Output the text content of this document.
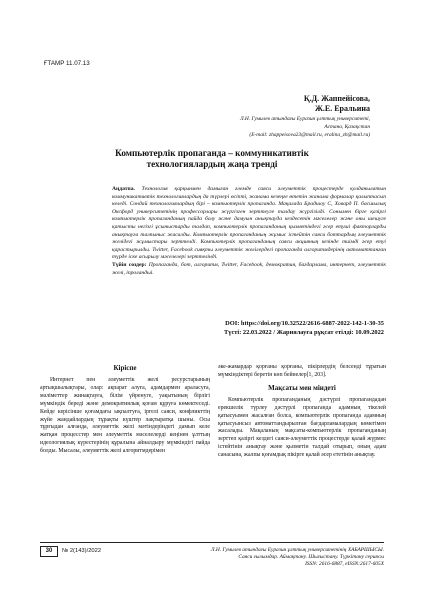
ҒТАМР 11.07.13
Қ.Д. Жаппейісова,
Ж.Е. Еральина
Л.Н. Гумилев атындағы Еуразия ұлттық университеті,
Астана, Қазақстан
(E-mail: zhappeisova23@mail.ru, eralina_zh@mail.ru)
Компьютерлік пропаганда – коммуникативтік
технологиялардың жаңа тренді
Аңдатпа. Технология қарқынмен дамыған әлемде саяси әлеуметтік процестерде қолданылатын коммуникативтік технологиялардың да түрлері өсіпті, жанама кезеңғе өтетін жанама формалар қалыптасып келеді. Сондай технологиялардың бірі – компьютерлік пропаганда. Мақалада Брадшоу С, Ховард П. басшылық Оксфорд университетінің профессорлары жүргізген зерттеуге талдау жүргізілді. Сонымен бірге қазіргі компьютерлік пропаганданың пайда болу және дамуын анықтауда кездесетін мәселелер және оны шешуге қатысты негізгі ұсыныстарды талдап, компьютерлік пропаганданың қызметіндегі әсер етуші факторларды анықтауға талпыныс жасалды. Компьютерлік пропаганданың жұмыс істейтін саяси боттардың әлеуметтік желідегі жұмыстары зерттелді. Компьютерлік пропаганданың саяси акцияның кезінде тиімді әсер етуі қарастырылды. Twitter, Facebook сияқты әлеуметтік желілердегі пропаганда алгоритмдерінің автоматтанған түрде іске асырылу мәселелері зерттелінді.
Түйін сөздер: Пропаганда, бот, алгоритм, Twitter, Facebook, демократия, бағдарлама, интернет, әлеуметтік желі, іпроландыі.
DOI: https://doi.org/10.32522/2616-6887-2022-142-1-30-35
Түсті: 22.03.2022 / Жариялауға рұқсат етілді: 10.09.2022
Кіріспе

Интернет пен әлеуметтік желі ресурстарының артықшылықтары, олар: ақпарат алуға, адамдармен араласуға, мәліметтер жинақтауға, білім үйренуге, уақытының бірлігі мүмкіндік береді және демократиялық қоғам құруға көмектеседі. Кейде керісінше қоғамдағы ықпалтуға, іргелі саяси, конфликттің жүйе жандайлардың тұрақты күштер лақтыратқа шыны. Осы тұрғыдан алғанда, әлеуметтік желі мәтіндеріндегі дамып келе жатқан процесстер мен әлеуметтік мәселелерді кеңінен ұлттың идеологиялық күрестерінің құралына айналдыру мүмкіндігі пайда болды. Мысалы, әлеуметтік желі алгоритмдерімен

әке-жамардар қорғаны қорғаны, пікірлердің белсенді тұратын мүмкіндіктері беретін көп бейнелер[1, 203].

Мақсаты мен міндеті

Компьютерлік пропаганданың дәстүрлі пропагандадан ерекшелік түрлеу дәстүрлі пропаганда адамның тікелей қатысуымен жасалған болса, компьютерлік пропаганда адамның қатысуынсыз автоматтандырылған бағдарламалардың көмегімен жасалады. Мақаланың мақсаты-компьютерлік пропаганданың зерттеп қазіргі кездегі саяси-әлеуметтік процестерде қалай жүрмес істейтінін анықтау және қызметін талдай отырып, оның адам санасына, жалпы қоғамдық пікірге қалай әсер ететінін анықтау.

30	№ 2(143)/2022	Л.Н. Гумилев атындағы Еуразия ұлттық университетінің ХАБАРШЫСЫ.
Саяси ғылымдар. Аймақтану. Шығыстану. Түркітану сериясы
ISSN: 2616-6887, eISSN:2617-605X
